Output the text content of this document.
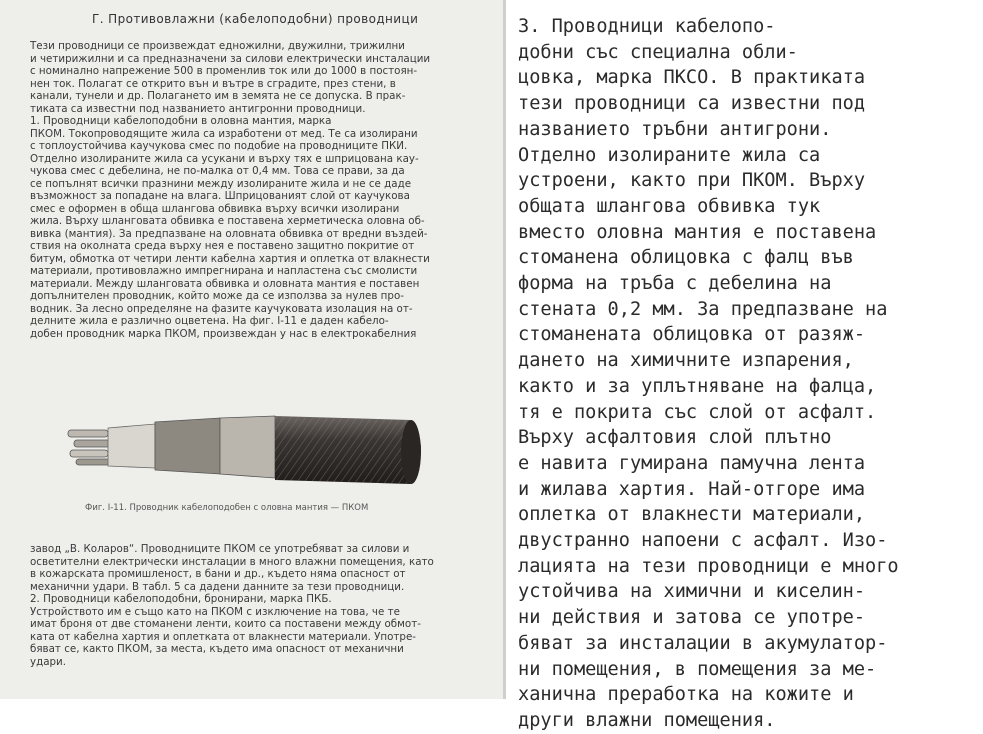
Г. Противовлажни (кабелоподобни) проводници
Тези проводници се произвеждат едножилни, двужилни, трижилни
и четирижилни и са предназначени за силови електрически инсталации
с номинално напрежение 500 в променлив ток или до 1000 в постоян-
нен ток. Полагат се открито вън и вътре в сградите, през стени, в
канали, тунели и др. Полагането им в земята не се допуска. В прак-
тиката са известни под названието антигронни проводници.
1. Проводници кабелоподобни в оловна мантия, марка
ПКОМ. Токопроводящите жила са изработени от мед. Те са изолирани
с топлоустойчива каучукова смес по подобие на проводниците ПКИ.
Отделно изолираните жила са усукани и върху тях е шприцована кау-
чукова смес с дебелина, не по-малка от 0,4 мм. Това се прави, за да
се попълнят всички празнини между изолираните жила и не се даде
възможност за попадане на влага. Шприцованият слой от каучукова
смес е оформен в обща шлангова обвивка върху всички изолирани
жила. Върху шланговата обвивка е поставена херметическа оловна об-
вивка (мантия). За предпазване на оловната обвивка от вредни въздей-
ствия на околната среда върху нея е поставено защитно покритие от
битум, обмотка от четири ленти кабелна хартия и оплетка от влакнести
материали, противовлажно импрегнирана и напластена със смолисти
материали. Между шланговата обвивка и оловната мантия е поставен
допълнителен проводник, който може да се използва за нулев про-
водник. За лесно определяне на фазите каучуковата изолация на от-
делните жила е различно оцветена. На фиг. I-11 е даден кабело-
добен проводник марка ПКОМ, произвеждан у нас в електрокабелния
Фиг. I-11. Проводник кабелоподобен с оловна мантия — ПКОМ
завод „В. Коларов“. Проводниците ПКОМ се употребяват за силови и
осветителни електрически инсталации в много влажни помещения, като
в кожарската промишленост, в бани и др., където няма опасност от
механични удари. В табл. 5 са дадени данните за тези проводници.
2. Проводници кабелоподобни, бронирани, марка ПКБ.
Устройството им е също като на ПКОМ с изключение на това, че те
имат броня от две стоманени ленти, които са поставени между обмот-
ката от кабелна хартия и оплетката от влакнести материали. Употре-
бяват се, както ПКОМ, за места, където има опасност от механични
удари.
3. Проводници кабелопо-
добни със специална обли-
цовка, марка ПКСО. В практиката
тези проводници са известни под
названието тръбни антигрони.
Отделно изолираните жила са
устроени, както при ПКОМ. Върху
общата шлангова обвивка тук
вместо оловна мантия е поставена
стоманена облицовка с фалц във
форма на тръба с дебелина на
стената 0,2 мм. За предпазване на
стоманената облицовка от разяж-
дането на химичните изпарения,
както и за уплътняване на фалца,
тя е покрита със слой от асфалт.
Върху асфалтовия слой плътно
е навита гумирана памучна лента
и жилава хартия. Най-отгоре има
оплетка от влакнести материали,
двустранно напоени с асфалт. Изо-
лацията на тези проводници е много
устойчива на химични и киселин-
ни действия и затова се употре-
бяват за инсталации в акумулатор-
ни помещения, в помещения за ме-
ханична преработка на кожите и
други влажни помещения.
